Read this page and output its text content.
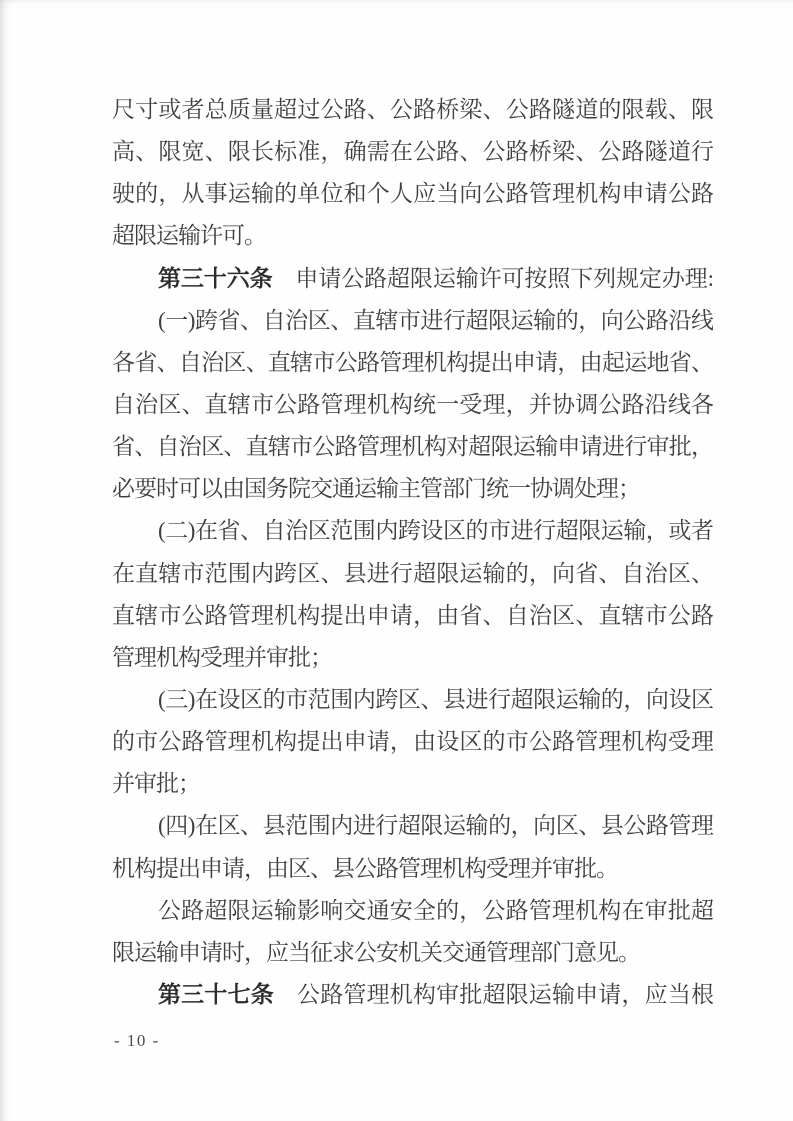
尺寸或者总质量超过公路、公路桥梁、公路隧道的限载、限
高、限宽、限长标准，确需在公路、公路桥梁、公路隧道行
驶的，从事运输的单位和个人应当向公路管理机构申请公路
超限运输许可。
第三十六条　申请公路超限运输许可按照下列规定办理:
(一)跨省、自治区、直辖市进行超限运输的，向公路沿线
各省、自治区、直辖市公路管理机构提出申请，由起运地省、
自治区、直辖市公路管理机构统一受理，并协调公路沿线各
省、自治区、直辖市公路管理机构对超限运输申请进行审批，
必要时可以由国务院交通运输主管部门统一协调处理；
(二)在省、自治区范围内跨设区的市进行超限运输，或者
在直辖市范围内跨区、县进行超限运输的，向省、自治区、
直辖市公路管理机构提出申请，由省、自治区、直辖市公路
管理机构受理并审批；
(三)在设区的市范围内跨区、县进行超限运输的，向设区
的市公路管理机构提出申请，由设区的市公路管理机构受理
并审批；
(四)在区、县范围内进行超限运输的，向区、县公路管理
机构提出申请，由区、县公路管理机构受理并审批。
公路超限运输影响交通安全的，公路管理机构在审批超
限运输申请时，应当征求公安机关交通管理部门意见。
第三十七条　公路管理机构审批超限运输申请，应当根
- 10 -
